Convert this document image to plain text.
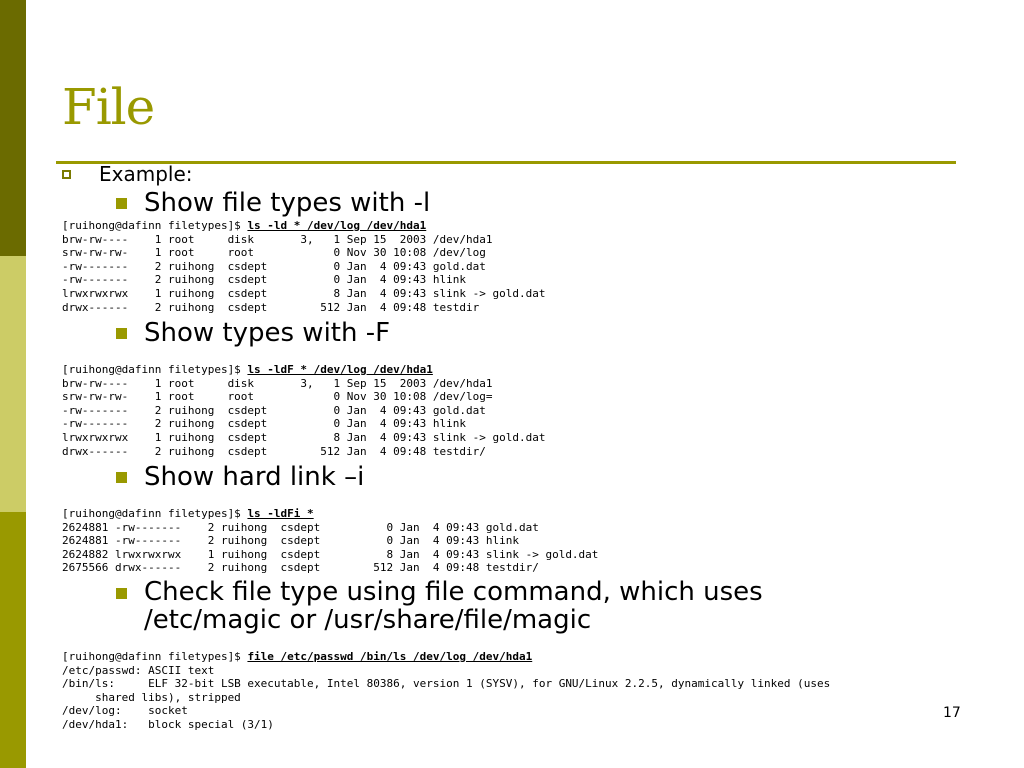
File
Example:
Show file types with -l
[ruihong@dafinn filetypes]$ ls -ld * /dev/log /dev/hda1
brw-rw----    1 root     disk       3,   1 Sep 15  2003 /dev/hda1
srw-rw-rw-    1 root     root            0 Nov 30 10:08 /dev/log
-rw-------    2 ruihong  csdept          0 Jan  4 09:43 gold.dat
-rw-------    2 ruihong  csdept          0 Jan  4 09:43 hlink
lrwxrwxrwx    1 ruihong  csdept          8 Jan  4 09:43 slink -> gold.dat
drwx------    2 ruihong  csdept        512 Jan  4 09:48 testdir
Show types with -F
[ruihong@dafinn filetypes]$ ls -ldF * /dev/log /dev/hda1
brw-rw----    1 root     disk       3,   1 Sep 15  2003 /dev/hda1
srw-rw-rw-    1 root     root            0 Nov 30 10:08 /dev/log=
-rw-------    2 ruihong  csdept          0 Jan  4 09:43 gold.dat
-rw-------    2 ruihong  csdept          0 Jan  4 09:43 hlink
lrwxrwxrwx    1 ruihong  csdept          8 Jan  4 09:43 slink -> gold.dat
drwx------    2 ruihong  csdept        512 Jan  4 09:48 testdir/
Show hard link –i
[ruihong@dafinn filetypes]$ ls -ldFi *
2624881 -rw-------    2 ruihong  csdept          0 Jan  4 09:43 gold.dat
2624881 -rw-------    2 ruihong  csdept          0 Jan  4 09:43 hlink
2624882 lrwxrwxrwx    1 ruihong  csdept          8 Jan  4 09:43 slink -> gold.dat
2675566 drwx------    2 ruihong  csdept        512 Jan  4 09:48 testdir/
Check file type using file command, which uses
/etc/magic or /usr/share/file/magic
[ruihong@dafinn filetypes]$ file /etc/passwd /bin/ls /dev/log /dev/hda1
/etc/passwd: ASCII text
/bin/ls:     ELF 32-bit LSB executable, Intel 80386, version 1 (SYSV), for GNU/Linux 2.2.5, dynamically linked (uses
shared libs), stripped
/dev/log:    socket
/dev/hda1:   block special (3/1)
17
